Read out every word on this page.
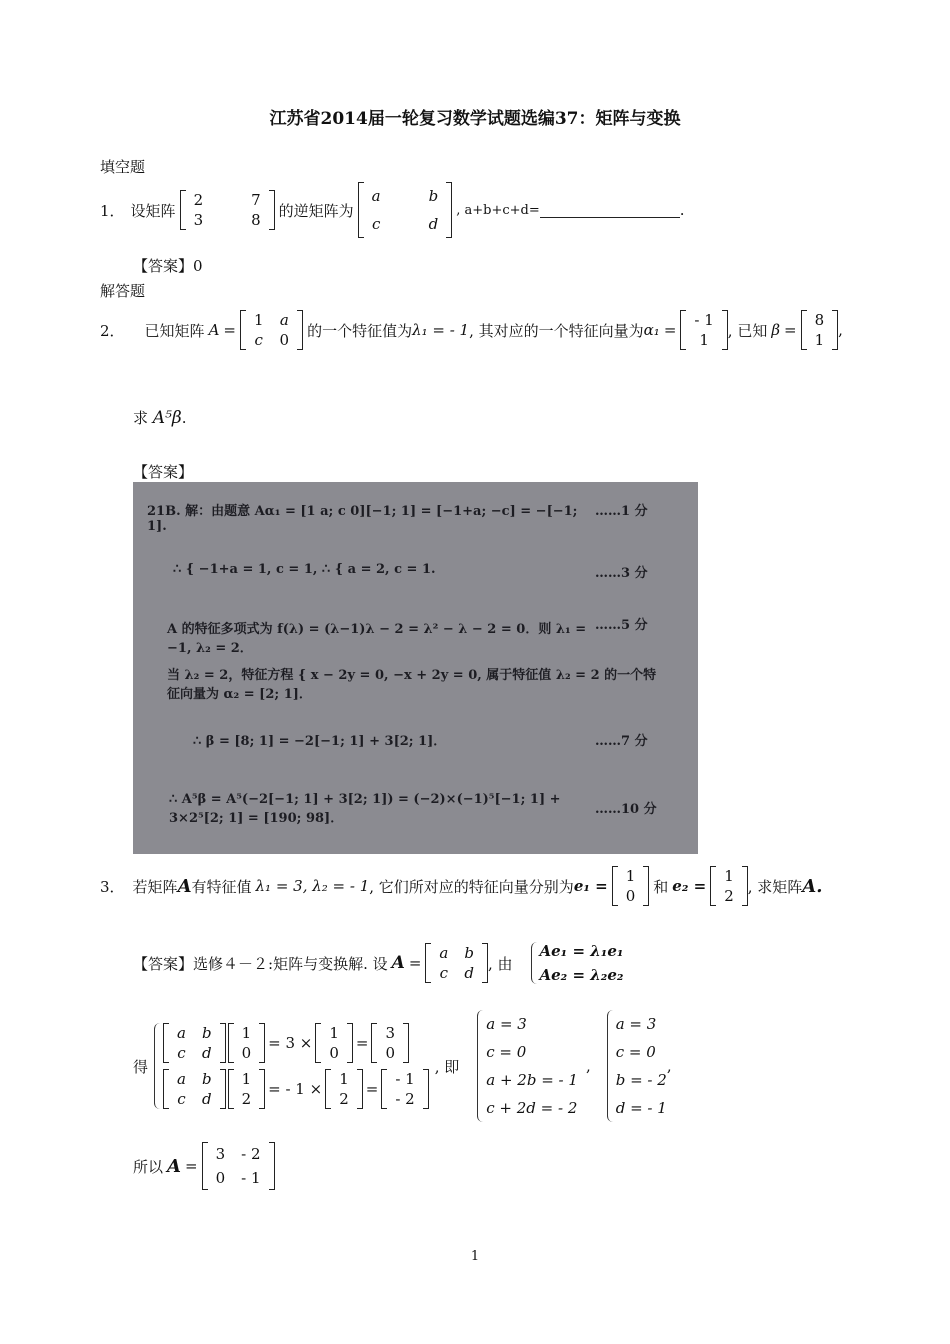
江苏省2014届一轮复习数学试题选编37：矩阵与变换
填空题
1． 设矩阵
2	7
3	8
的逆矩阵为
a	b
c	d
, a+b+c+d=	.
【答案】0
解答题
2． 已知矩阵 A =
1	a
c	0
的一个特征值为 λ₁ = - 1 , 其对应的一个特征向量为 α₁ =
- 1
1
, 已知 β =
8
1
,
求 A⁵β.
【答案】
21B. 解：由题意 Aα₁ = [1 a; c 0][−1; 1] = [−1+a; −c] = −[−1; 1].
……1 分
∴ { −1+a = 1, c = 1, ∴ { a = 2, c = 1.	……3 分
A 的特征多项式为 f(λ) = (λ−1)λ − 2 = λ² − λ − 2 = 0．则 λ₁ = −1, λ₂ = 2．
……5 分
当 λ₂ = 2，特征方程 { x − 2y = 0, −x + 2y = 0, 属于特征值 λ₂ = 2 的一个特征向量为 α₂ = [2; 1]．
∴ β = [8; 1] = −2[−1; 1] + 3[2; 1]．	……7 分
∴ A⁵β = A⁵(−2[−1; 1] + 3[2; 1]) = (−2)×(−1)⁵[−1; 1] + 3×2⁵[2; 1] = [190; 98]．
……10 分
3． 若矩阵 A 有特征值 λ₁ = 3, λ₂ = - 1 , 它们所对应的特征向量分别为 e₁ =
1
0
和 e₂ =
1
2
, 求矩阵 A.
【答案】 选修４－２:矩阵与变换解. 设 A =
a	b
c	d
, 由
Ae₁ = λ₁e₁
Ae₂ = λ₂e₂
得
a	b
c	d
1
0
= 3 ×
1
0
=
3
0
a	b
c	d
1
2
= - 1 ×
1
2
=
- 1
- 2
, 即
a = 3
c = 0
a + 2b = - 1
c + 2d = - 2
,
a = 3
c = 0
b = - 2
d = - 1
,
所以 A =
3	- 2
0	- 1
1
